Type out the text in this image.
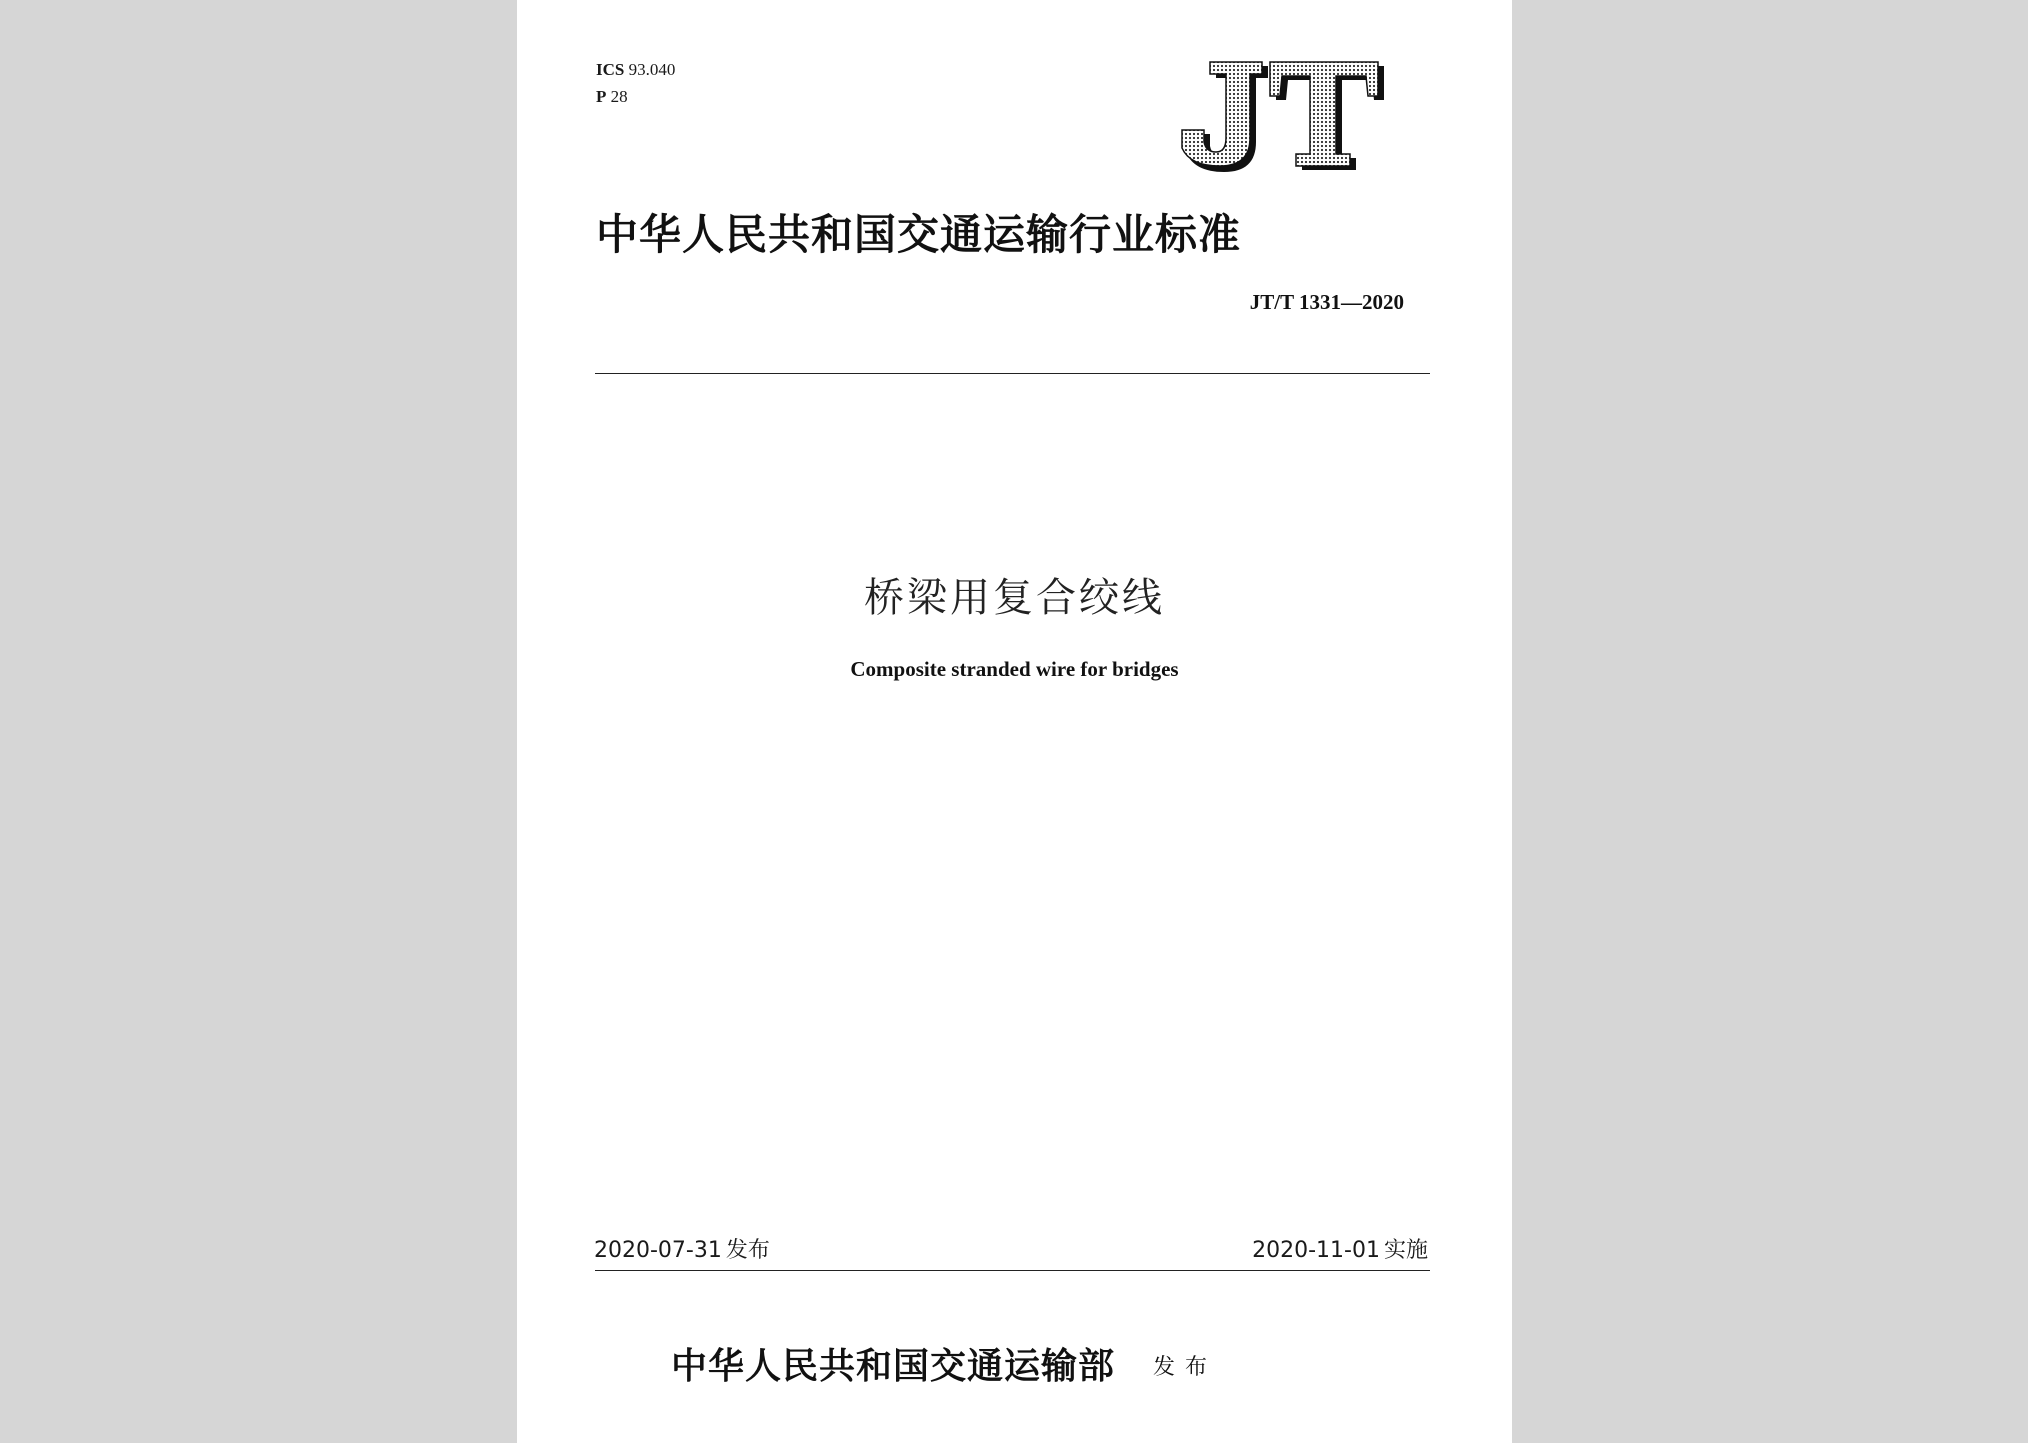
ICS 93.040
P 28
中华人民共和国交通运输行业标准
JT/T 1331—2020
桥梁用复合绞线
Composite stranded wire for bridges
2020-07-31 发布	2020-11-01 实施
中华人民共和国交通运输部 发布
